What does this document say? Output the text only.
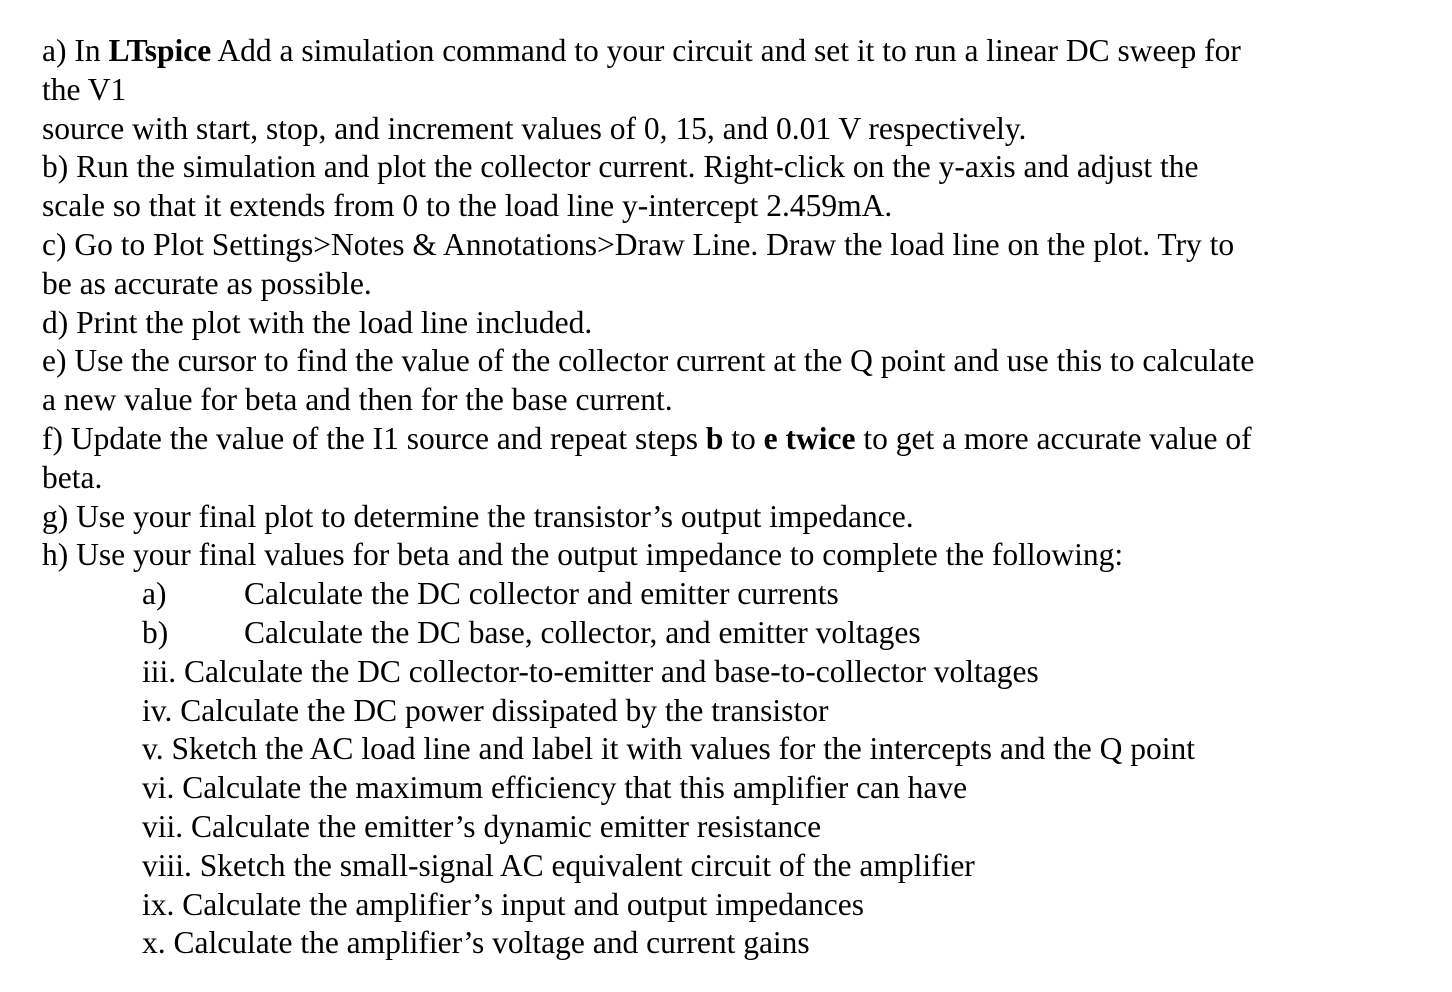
a) In LTspice Add a simulation command to your circuit and set it to run a linear DC sweep for
the V1
source with start, stop, and increment values of 0, 15, and 0.01 V respectively.
b) Run the simulation and plot the collector current. Right-click on the y-axis and adjust the
scale so that it extends from 0 to the load line y-intercept 2.459mA.
c) Go to Plot Settings>Notes & Annotations>Draw Line. Draw the load line on the plot. Try to
be as accurate as possible.
d) Print the plot with the load line included.
e) Use the cursor to find the value of the collector current at the Q point and use this to calculate
a new value for beta and then for the base current.
f) Update the value of the I1 source and repeat steps b to e twice to get a more accurate value of
beta.
g) Use your final plot to determine the transistor’s output impedance.
h) Use your final values for beta and the output impedance to complete the following:
a) Calculate the DC collector and emitter currents
b) Calculate the DC base, collector, and emitter voltages
iii. Calculate the DC collector-to-emitter and base-to-collector voltages
iv. Calculate the DC power dissipated by the transistor
v. Sketch the AC load line and label it with values for the intercepts and the Q point
vi. Calculate the maximum efficiency that this amplifier can have
vii. Calculate the emitter’s dynamic emitter resistance
viii. Sketch the small-signal AC equivalent circuit of the amplifier
ix. Calculate the amplifier’s input and output impedances
x. Calculate the amplifier’s voltage and current gains
